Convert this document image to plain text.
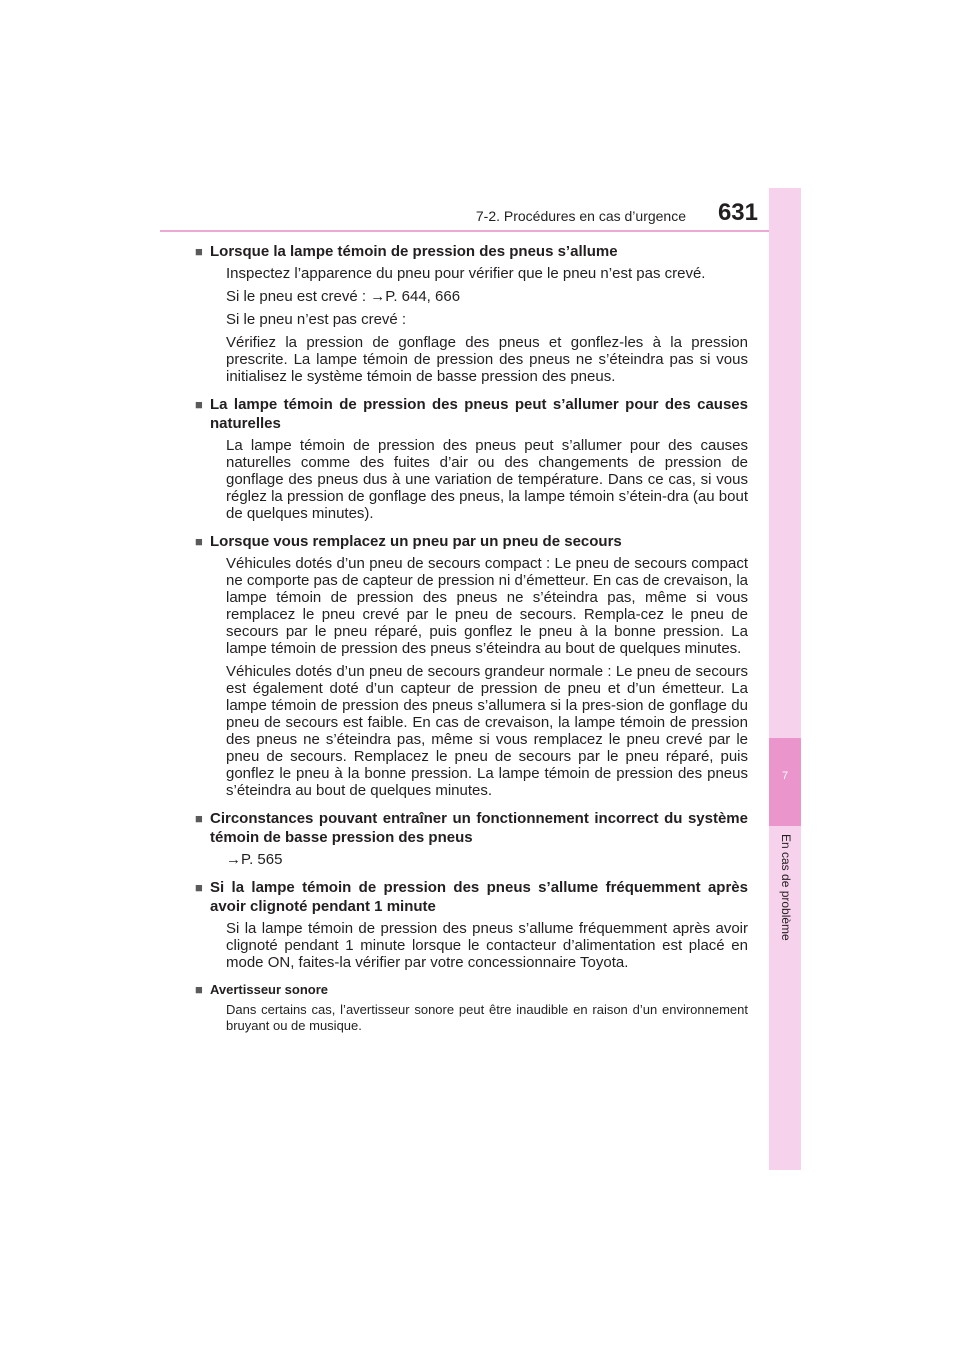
7-2. Procédures en cas d’urgence	631
7
En cas de problème
■ Lorsque la lampe témoin de pression des pneus s’allume
Inspectez l’apparence du pneu pour vérifier que le pneu n’est pas crevé.
Si le pneu est crevé : →P. 644, 666
Si le pneu n’est pas crevé :
Vérifiez la pression de gonflage des pneus et gonflez-les à la pression prescrite. La lampe témoin de pression des pneus ne s’éteindra pas si vous initialisez le système témoin de basse pression des pneus.
■ La lampe témoin de pression des pneus peut s’allumer pour des causes naturelles
La lampe témoin de pression des pneus peut s’allumer pour des causes naturelles comme des fuites d’air ou des changements de pression de gonflage des pneus dus à une variation de température. Dans ce cas, si vous réglez la pression de gonflage des pneus, la lampe témoin s’étein-dra (au bout de quelques minutes).
■ Lorsque vous remplacez un pneu par un pneu de secours
Véhicules dotés d’un pneu de secours compact : Le pneu de secours compact ne comporte pas de capteur de pression ni d’émetteur. En cas de crevaison, la lampe témoin de pression des pneus ne s’éteindra pas, même si vous remplacez le pneu crevé par le pneu de secours. Rempla-cez le pneu de secours par le pneu réparé, puis gonflez le pneu à la bonne pression. La lampe témoin de pression des pneus s’éteindra au bout de quelques minutes.
Véhicules dotés d’un pneu de secours grandeur normale : Le pneu de secours est également doté d’un capteur de pression de pneu et d’un émetteur. La lampe témoin de pression des pneus s’allumera si la pres-sion de gonflage du pneu de secours est faible. En cas de crevaison, la lampe témoin de pression des pneus ne s’éteindra pas, même si vous remplacez le pneu crevé par le pneu de secours. Remplacez le pneu de secours par le pneu réparé, puis gonflez le pneu à la bonne pression. La lampe témoin de pression des pneus s’éteindra au bout de quelques minutes.
■ Circonstances pouvant entraîner un fonctionnement incorrect du système témoin de basse pression des pneus
→P. 565
■ Si la lampe témoin de pression des pneus s’allume fréquemment après avoir clignoté pendant 1 minute
Si la lampe témoin de pression des pneus s’allume fréquemment après avoir clignoté pendant 1 minute lorsque le contacteur d’alimentation est placé en mode ON, faites-la vérifier par votre concessionnaire Toyota.
■ Avertisseur sonore
Dans certains cas, l’avertisseur sonore peut être inaudible en raison d’un environnement bruyant ou de musique.
